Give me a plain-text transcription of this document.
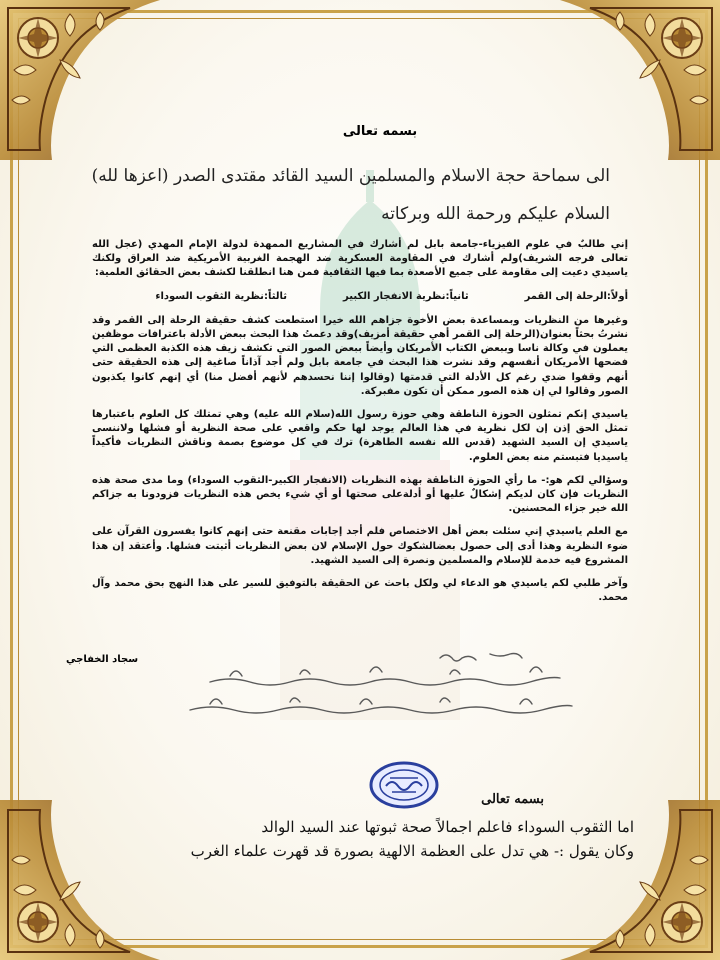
بسمه تعالى
الى سماحة حجة الاسلام والمسلمين السيد القائد مقتدى الصدر (اعزها لله)
السلام عليكم ورحمة الله وبركاته

إني طالبٌ في علوم الفيزياء-جامعة بابل لم أشارك في المشاريع الممهدة لدولة الإمام المهدي (عجل الله تعالى فرجه الشريف)ولم أشارك في المقاومة العسكرية ضد الهجمة الغربية الأمريكية ضد العراق ولكنك ياسيدي دعيت إلى مقاومة على جميع الأصعدة بما فيها الثقافية فمن هنا انطلقنا لكشف بعض الحقائق العلمية:

أولاً:الرحلة إلى القمر
ثانياً:نظرية الانفجار الكبير
ثالثاً:نظرية الثقوب السوداء

وغيرها من النظريات وبمساعدة بعض الأخوة جزاهم الله خيرا استطعت كشف حقيقة الرحلة إلى القمر وقد نشرتُ بحثاً بعنوان(الرحلة إلى القمر أهي حقيقة أمزيف)وقد دعمتُ هذا البحث ببعض الأدلة باعترافات موظفين يعملون في وكالة ناسا وببعض الكتاب الأمريكان وأيضاً ببعض الصور التي تكشف زيف هذه الكذبة العظمى التي فضحها الأمريكان أنفسهم وقد نشرت هذا البحث في جامعة بابل ولم أجد آذاناً صاغية إلى هذه الحقيقة حتى أنهم وقفوا ضدي رغم كل الأدلة التي قدمتها (وقالوا إننا نحسدهم لأنهم أفضل منا) أي إنهم كانوا يكذبون الصور وقالوا لي إن هذه الصور ممكن أن تكون مفبركة.

ياسيدي إنكم تمثلون الحوزة الناطقة وهي حوزة رسول الله(سلام الله عليه) وهي تمتلك كل العلوم باعتبارها تمثل الحق إذن إن لكل نظرية في هذا العالم يوجد لها حكم واقعي على صحة النظرية أو فشلها ولاننسى ياسيدي إن السيد الشهيد (قدس الله نفسه الطاهرة) ترك في كل موضوع بصمة وناقش النظريات فأكيداً ياسيديا فتبستم منه بعض العلوم.

وسؤالي لكم هو:- ما رأي الحوزة الناطقة بهذه النظريات (الانفجار الكبير-الثقوب السوداء) وما مدى صحة هذه النظريات فإن كان لديكم إشكالٌ عليها أو أدلةعلى صحتها أو أي شيء يخص هذه النظريات فزودونا به جزاكم الله خير جزاء المحسنين.

مع العلم ياسيدي إني سئلت بعض أهل الاختصاص فلم أجد إجابات مقنعة حتى إنهم كانوا يفسرون القرآن على ضوء النظرية وهذا أدى إلى حصول بعضالشكوك حول الإسلام لان بعض النظريات أثبتت فشلها. وأعتقد إن هذا المشروع فيه خدمة للإسلام والمسلمين ونصرة إلى السيد الشهيد.

وآخر طلبي لكم ياسيدي هو الدعاء لي ولكل باحث عن الحقيقة بالتوفيق للسير على هذا النهج بحق محمد وآل محمد.

سجاد الخفاجي
بسمه تعالى
اما الثقوب السوداء فاعلم اجمالاً صحة ثبوتها عند السيد الوالد
وكان يقول :- هي تدل على العظمة الالهية بصورة قد قهرت علماء الغرب
